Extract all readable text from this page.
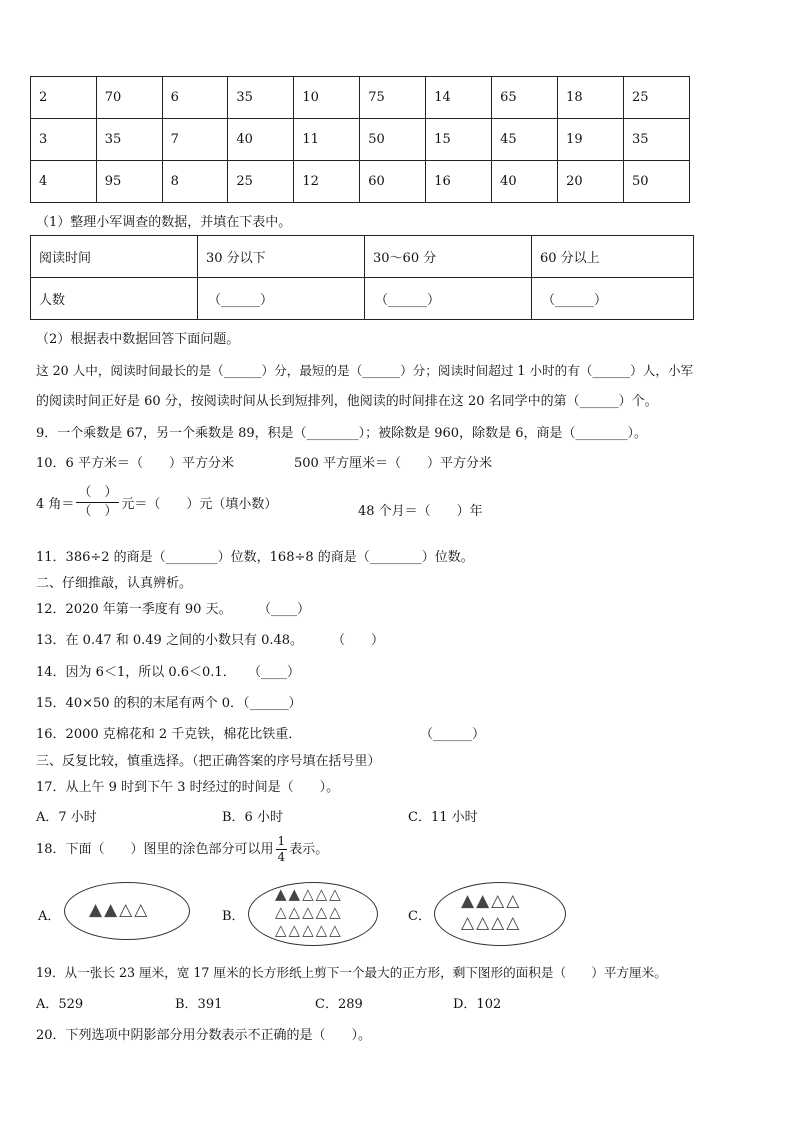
2	70	6	35	10	75	14	65	18	25
3	35	7	40	11	50	15	45	19	35
4	95	8	25	12	60	16	40	20	50
（1）整理小军调查的数据，并填在下表中。
阅读时间	30 分以下	30～60 分	60 分以上
人数	（______）	（______）	（______）
（2）根据表中数据回答下面问题。
这 20 人中，阅读时间最长的是（______）分，最短的是（______）分；阅读时间超过 1 小时的有（______）人，小军
的阅读时间正好是 60 分，按阅读时间从长到短排列，他阅读的时间排在这 20 名同学中的第（______）个。
9．一个乘数是 67，另一个乘数是 89，积是（________）；被除数是 960，除数是 6，商是（________）。
10．6 平方米＝（　　）平方分米	500 平方厘米＝（　　）平方分米
4 角＝ $\frac{( )}{( )}$ 元＝（　　）元（填小数）	48 个月＝（　　）年
11．386÷2 的商是（________）位数，168÷8 的商是（________）位数。
二、仔细推敲，认真辨析。
12．2020 年第一季度有 90 天。 （____）
13．在 0.47 和 0.49 之间的小数只有 0.48。 （　　）
14．因为 6＜1，所以 0.6＜0.1． （____）
15．40×50 的积的末尾有两个 0．（______）
16．2000 克棉花和 2 千克铁，棉花比铁重．	（______）
三、反复比较，慎重选择。（把正确答案的序号填在括号里）
17．从上午 9 时到下午 3 时经过的时间是（　　）。
A．7 小时	B．6 小时	C．11 小时
18．下面（　　）图里的涂色部分可以用 $\frac{1}{4}$ 表示。
A． ▲▲△△	B．
▲▲△△△
△△△△△
△△△△△
C．
▲▲△△
△△△△
19．从一张长 23 厘米，宽 17 厘米的长方形纸上剪下一个最大的正方形，剩下图形的面积是（　　）平方厘米。
A．529	B．391	C．289	D．102
20．下列选项中阴影部分用分数表示不正确的是（　　）。
